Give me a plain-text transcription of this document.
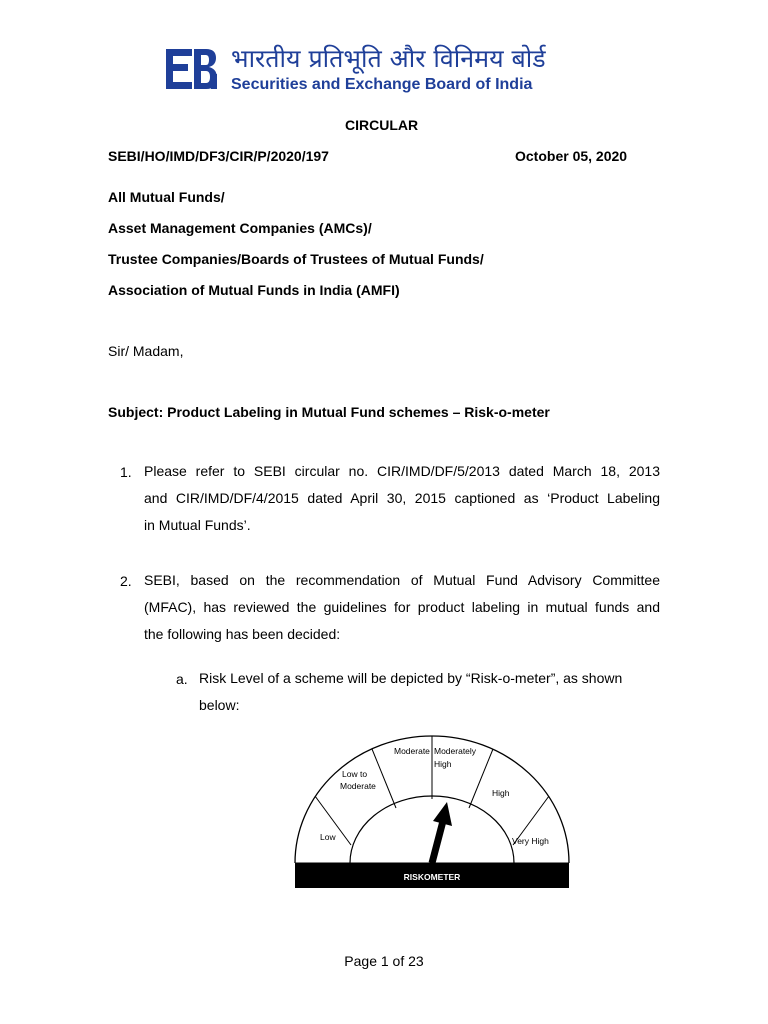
भारतीय प्रतिभूति और विनिमय बोर्ड
Securities and Exchange Board of India
CIRCULAR
SEBI/HO/IMD/DF3/CIR/P/2020/197	October 05, 2020
All Mutual Funds/
Asset Management Companies (AMCs)/
Trustee Companies/Boards of Trustees of Mutual Funds/
Association of Mutual Funds in India (AMFI)
Sir/ Madam,
Subject: Product Labeling in Mutual Fund schemes – Risk-o-meter
1. Please refer to SEBI circular no. CIR/IMD/DF/5/2013 dated March 18, 2013
and CIR/IMD/DF/4/2015 dated April 30, 2015 captioned as ‘Product Labeling
in Mutual Funds’.
2. SEBI, based on the recommendation of Mutual Fund Advisory Committee
(MFAC), has reviewed the guidelines for product labeling in mutual funds and
the following has been decided:
a. Risk Level of a scheme will be depicted by “Risk-o-meter”, as shown
below:
RISKOMETER
Low
Low to
Moderate
Moderate Moderately
High
High
Very High
Page 1 of 23
